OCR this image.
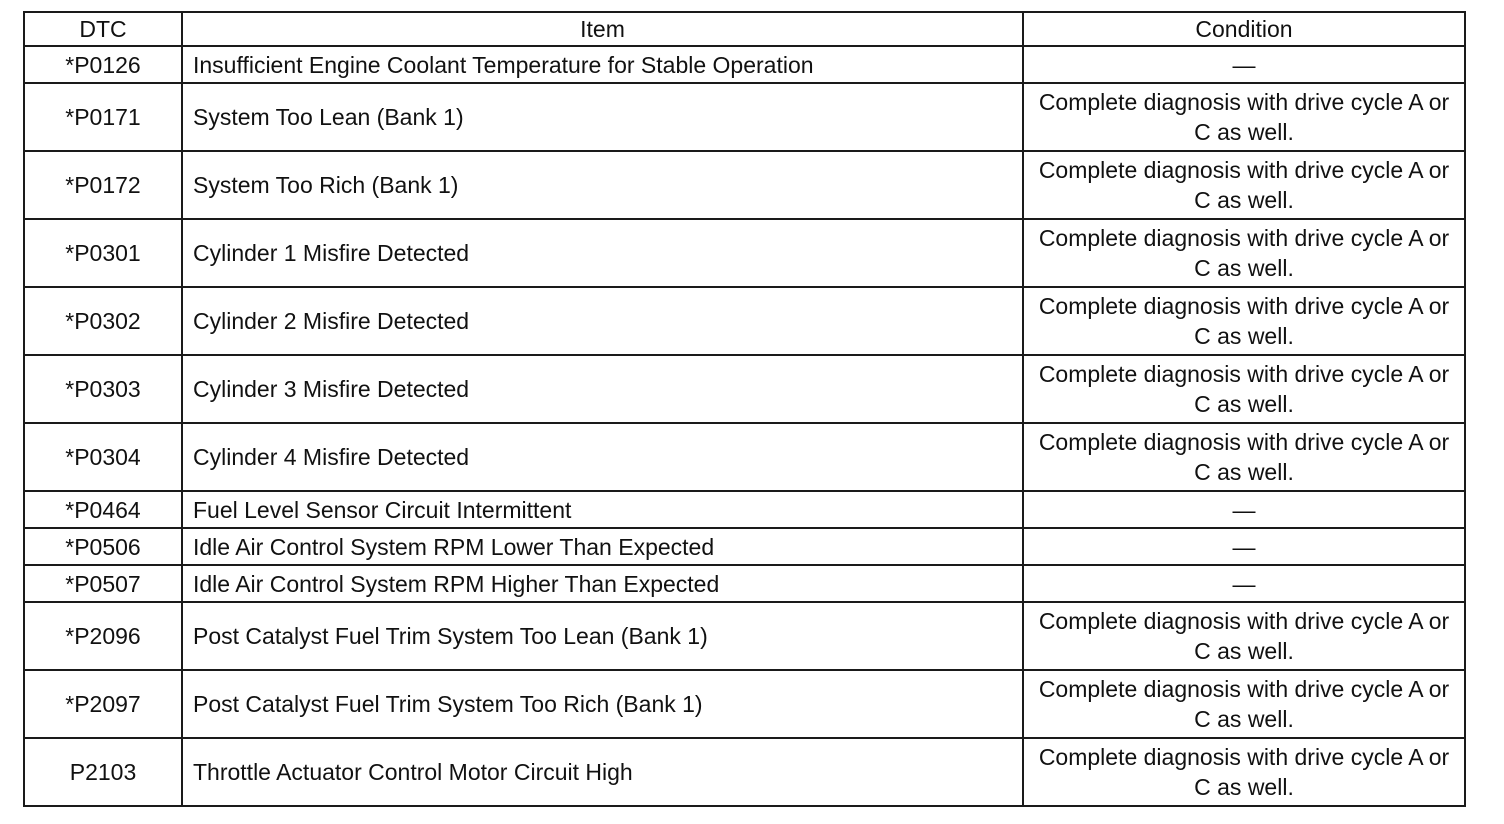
DTC	Item	Condition
*P0126	Insufficient Engine Coolant Temperature for Stable Operation	—
*P0171	System Too Lean (Bank 1)	Complete diagnosis with drive cycle A or C as well.
*P0172	System Too Rich (Bank 1)	Complete diagnosis with drive cycle A or C as well.
*P0301	Cylinder 1 Misfire Detected	Complete diagnosis with drive cycle A or C as well.
*P0302	Cylinder 2 Misfire Detected	Complete diagnosis with drive cycle A or C as well.
*P0303	Cylinder 3 Misfire Detected	Complete diagnosis with drive cycle A or C as well.
*P0304	Cylinder 4 Misfire Detected	Complete diagnosis with drive cycle A or C as well.
*P0464	Fuel Level Sensor Circuit Intermittent	—
*P0506	Idle Air Control System RPM Lower Than Expected	—
*P0507	Idle Air Control System RPM Higher Than Expected	—
*P2096	Post Catalyst Fuel Trim System Too Lean (Bank 1)	Complete diagnosis with drive cycle A or C as well.
*P2097	Post Catalyst Fuel Trim System Too Rich (Bank 1)	Complete diagnosis with drive cycle A or C as well.
P2103	Throttle Actuator Control Motor Circuit High	Complete diagnosis with drive cycle A or C as well.
